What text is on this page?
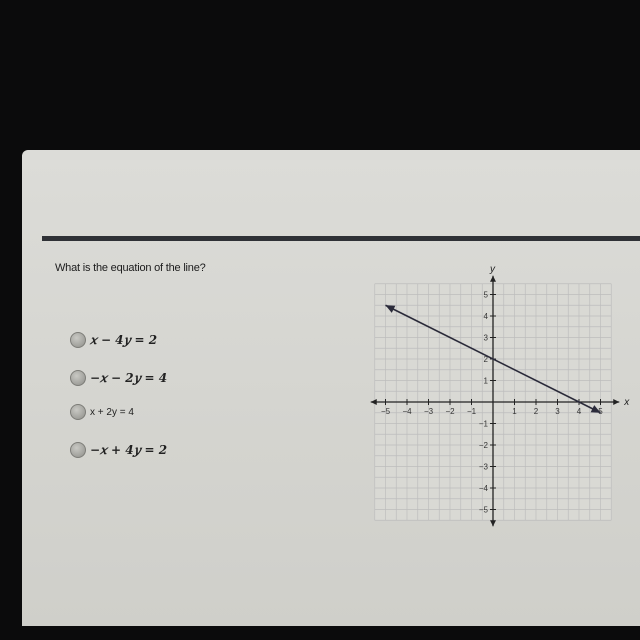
What is the equation of the line?
𝑥 − 4𝑦 = 2
−𝑥 − 2𝑦 = 4
x + 2y = 4
−𝑥 + 4𝑦 = 2
x
y
−5 −4 −3 −2 −1	1 2 3 4 5
5
4
3
2
1
−1
−2
−3
−4
−5
